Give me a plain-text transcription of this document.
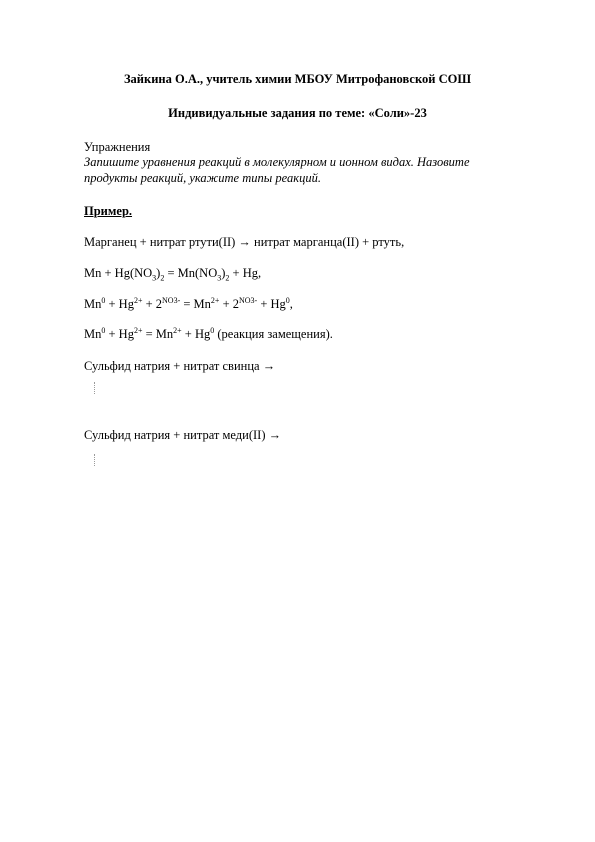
Зайкина О.А., учитель химии МБОУ Митрофановской СОШ
Индивидуальные задания по теме: «Соли»-23
Упражнения
Запишите уравнения реакций в молекулярном и ионном видах. Назовите
продукты реакций, укажите типы реакций.
Пример.
Марганец + нитрат ртути(II) → нитрат марганца(II) + ртуть,
$Mn + Hg(NO_3)_2 = Mn(NO_3)_2 + Hg$,
$Mn^0 + Hg^{2+} + 2^{NO3-} = Mn^{2+} + 2^{NO3-} + Hg^0$,
$Mn^0 + Hg^{2+} = Mn^{2+} + Hg^0$ (реакция замещения).
Сульфид натрия + нитрат свинца →
Сульфид натрия + нитрат меди(II) →
